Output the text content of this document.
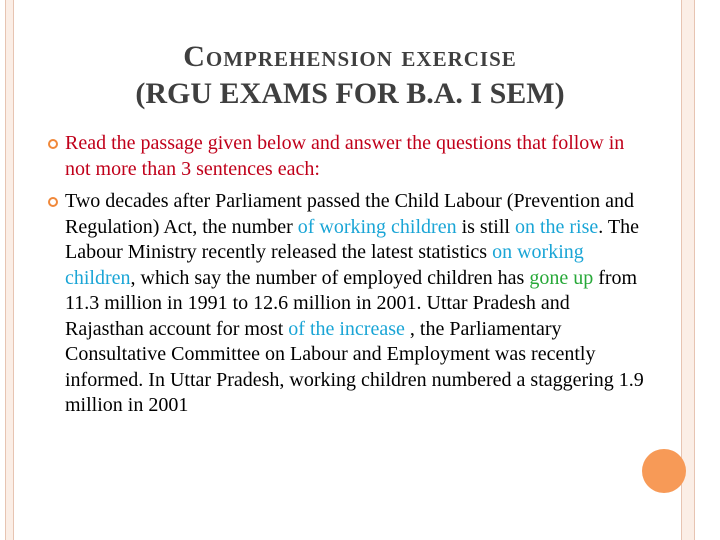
Comprehension exercise
(RGU EXAMS FOR B.A. I SEM)
Read the passage given below and answer the questions that follow in not more than 3 sentences each:
Two decades after Parliament passed the Child Labour (Prevention and Regulation) Act, the number of working children is still on the rise. The Labour Ministry recently released the latest statistics on working children, which say the number of employed children has gone up from 11.3 million in 1991 to 12.6 million in 2001. Uttar Pradesh and Rajasthan account for most of the increase , the Parliamentary Consultative Committee on Labour and Employment was recently informed. In Uttar Pradesh, working children numbered a staggering 1.9 million in 2001
